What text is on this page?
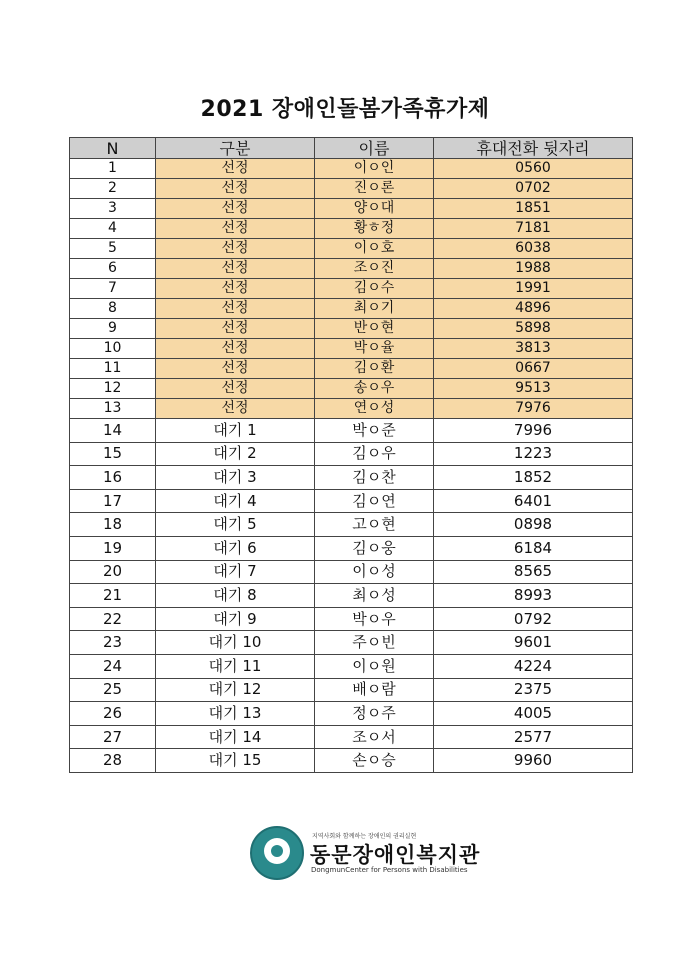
2021 장애인돌봄가족휴가제
N	구분	이름	휴대전화 뒷자리
1	선정	이ㅇ인	0560
2	선정	진ㅇ론	0702
3	선정	양ㅇ대	1851
4	선정	황ㅎ정	7181
5	선정	이ㅇ호	6038
6	선정	조ㅇ진	1988
7	선정	김ㅇ수	1991
8	선정	최ㅇ기	4896
9	선정	반ㅇ현	5898
10	선정	박ㅇ율	3813
11	선정	김ㅇ환	0667
12	선정	송ㅇ우	9513
13	선정	연ㅇ성	7976
14	대기 1	박ㅇ준	7996
15	대기 2	김ㅇ우	1223
16	대기 3	김ㅇ찬	1852
17	대기 4	김ㅇ연	6401
18	대기 5	고ㅇ현	0898
19	대기 6	김ㅇ웅	6184
20	대기 7	이ㅇ성	8565
21	대기 8	최ㅇ성	8993
22	대기 9	박ㅇ우	0792
23	대기 10	주ㅇ빈	9601
24	대기 11	이ㅇ원	4224
25	대기 12	배ㅇ람	2375
26	대기 13	정ㅇ주	4005
27	대기 14	조ㅇ서	2577
28	대기 15	손ㅇ승	9960
지역사회와 함께하는 장애인의 권리실현
동문장애인복지관
DongmunCenter for Persons with Disabilities
